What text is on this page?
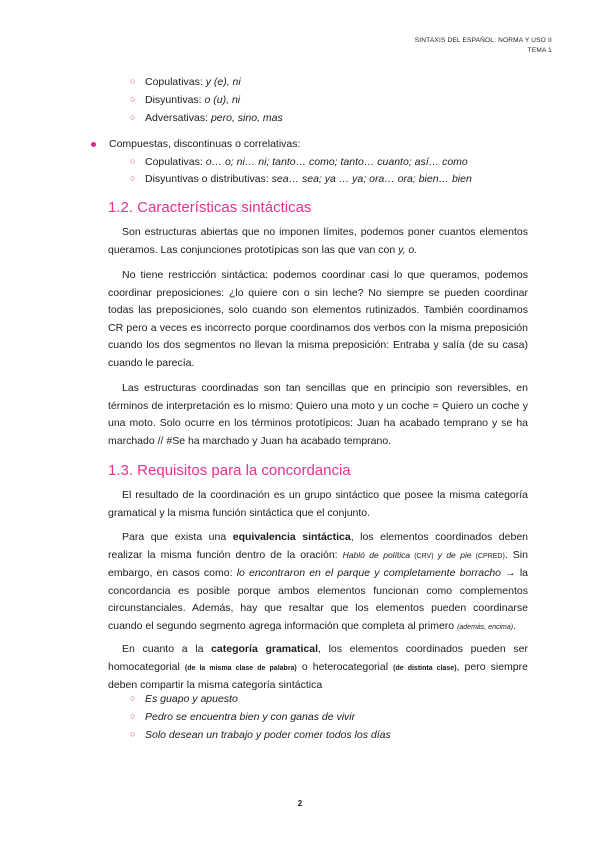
SINTAXIS DEL ESPAÑOL: NORMA Y USO II
TEMA 1
○ Copulativas: y (e), ni
○ Disyuntivas: o (u), ni
○ Adversativas: pero, sino, mas
Compuestas, discontinuas o correlativas:
○ Copulativas: o… o; ni… ni; tanto… como; tanto… cuanto; así… como
○ Disyuntivas o distributivas: sea… sea; ya … ya; ora… ora; bien… bien
1.2. Características sintácticas

Son estructuras abiertas que no imponen límites, podemos poner cuantos elementos queramos. Las conjunciones prototípicas son las que van con y, o.

No tiene restricción sintáctica: podemos coordinar casi lo que queramos, podemos coordinar preposiciones: ¿lo quiere con o sin leche? No siempre se pueden coordinar todas las preposiciones, solo cuando son elementos rutinizados. También coordinamos CR pero a veces es incorrecto porque coordinamos dos verbos con la misma preposición cuando los dos segmentos no llevan la misma preposición: Entraba y salía (de su casa) cuando le parecía.

Las estructuras coordinadas son tan sencillas que en principio son reversibles, en términos de interpretación es lo mismo: Quiero una moto y un coche = Quiero un coche y una moto. Solo ocurre en los términos prototípicos: Juan ha acabado temprano y se ha marchado // #Se ha marchado y Juan ha acabado temprano.

1.3. Requisitos para la concordancia

El resultado de la coordinación es un grupo sintáctico que posee la misma categoría gramatical y la misma función sintáctica que el conjunto.

Para que exista una equivalencia sintáctica, los elementos coordinados deben realizar la misma función dentro de la oración: Habló de política (CRV) y de pie (CPRED). Sin embargo, en casos como: lo encontraron en el parque y completamente borracho → la concordancia es posible porque ambos elementos funcionan como complementos circunstanciales. Además, hay que resaltar que los elementos pueden coordinarse cuando el segundo segmento agrega información que completa al primero (además, encima).

En cuanto a la categoría gramatical, los elementos coordinados pueden ser homocategorial (de la misma clase de palabra) o heterocategorial (de distinta clase), pero siempre deben compartir la misma categoría sintáctica

○ Es guapo y apuesto
○ Pedro se encuentra bien y con ganas de vivir
○ Solo desean un trabajo y poder comer todos los días
2
